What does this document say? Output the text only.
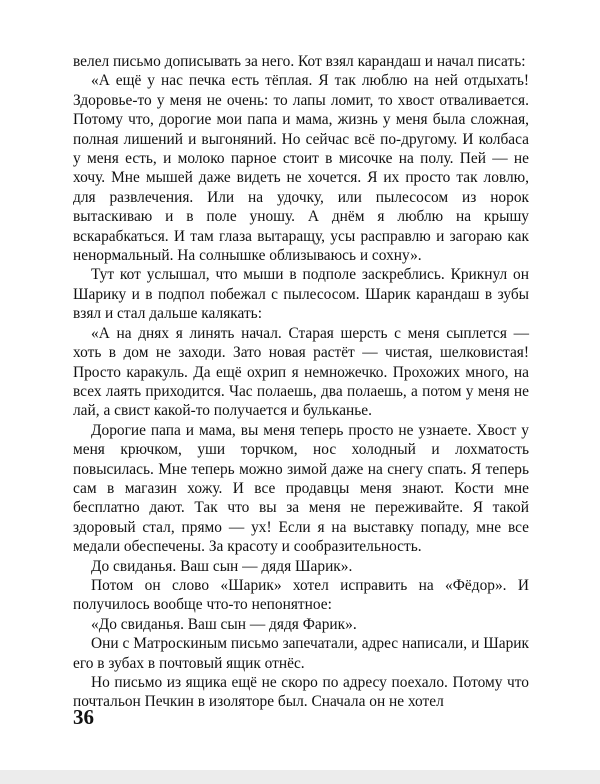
велел письмо дописывать за него. Кот взял карандаш и начал писать:

«А ещё у нас печка есть тёплая. Я так люблю на ней отдыхать! Здоровье-то у меня не очень: то лапы ломит, то хвост отваливается. Потому что, дорогие мои папа и мама, жизнь у меня была сложная, полная лишений и выгоняний. Но сейчас всё по-другому. И колбаса у меня есть, и молоко парное стоит в мисочке на полу. Пей — не хочу. Мне мышей даже видеть не хочется. Я их просто так ловлю, для развлечения. Или на удочку, или пылесосом из норок вытаскиваю и в поле уношу. А днём я люблю на крышу вскарабкаться. И там глаза вытаращу, усы расправлю и загораю как ненормальный. На солнышке облизываюсь и сохну».

Тут кот услышал, что мыши в подполе заскреблись. Крикнул он Шарику и в подпол побежал с пылесосом. Шарик карандаш в зубы взял и стал дальше калякать:

«А на днях я линять начал. Старая шерсть с меня сыплется — хоть в дом не заходи. Зато новая растёт — чистая, шелковистая! Просто каракуль. Да ещё охрип я немножечко. Прохожих много, на всех лаять приходится. Час полаешь, два полаешь, а потом у меня не лай, а свист какой-то получается и бульканье.

Дорогие папа и мама, вы меня теперь просто не узнаете. Хвост у меня крючком, уши торчком, нос холодный и лохматость повысилась. Мне теперь можно зимой даже на снегу спать. Я теперь сам в магазин хожу. И все продавцы меня знают. Кости мне бесплатно дают. Так что вы за меня не переживайте. Я такой здоровый стал, прямо — ух! Если я на выставку попаду, мне все медали обеспечены. За красоту и сообразительность.

До свиданья. Ваш сын — дядя Шарик».

Потом он слово «Шарик» хотел исправить на «Фёдор». И получилось вообще что-то непонятное:

«До свиданья. Ваш сын — дядя Фарик».

Они с Матроскиным письмо запечатали, адрес написали, и Шарик его в зубах в почтовый ящик отнёс.

Но письмо из ящика ещё не скоро по адресу поехало. Потому что почтальон Печкин в изоляторе был. Сначала он не хотел

36
